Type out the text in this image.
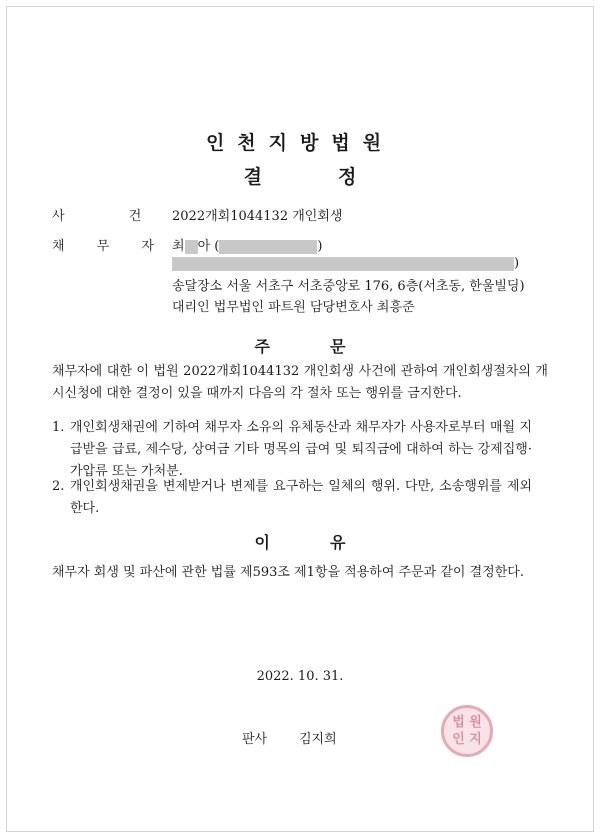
인천지방법원
결	정
사 건 2022개회1044132 개인회생
채 무 자 최 아 (	)
)
송달장소 서울 서초구 서초중앙로 176, 6층(서초동, 한울빌딩)
대리인 법무법인 파트원 담당변호사 최흥준
주	문
채무자에 대한 이 법원 2022개회1044132 개인회생 사건에 관하여 개인회생절차의 개시신청에 대한 결정이 있을 때까지 다음의 각 절차 또는 행위를 금지한다.
1. 개인회생채권에 기하여 채무자 소유의 유체동산과 채무자가 사용자로부터 매월 지급받을 급료, 제수당, 상여금 기타 명목의 급여 및 퇴직금에 대하여 하는 강제집행·가압류 또는 가처분.
2. 개인회생채권을 변제받거나 변제를 요구하는 일체의 행위. 다만, 소송행위를 제외한다.
이	유
채무자 회생 및 파산에 관한 법률 제593조 제1항을 적용하여 주문과 같이 결정한다.
2022. 10. 31.
판사 김지희
법 원
인 지
